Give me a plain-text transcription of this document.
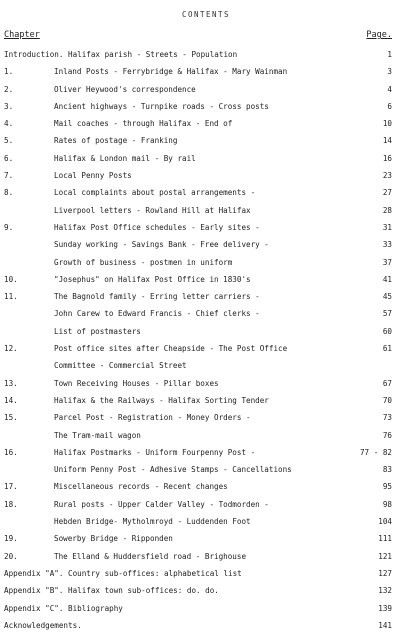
CONTENTS
Chapter	Page.
Introduction. Halifax parish - Streets - Population	1
1.	Inland Posts - Ferrybridge & Halifax - Mary Wainman	3
2.	Oliver Heywood's correspondence	4
3.	Ancient highways - Turnpike roads - Cross posts	6
4.	Mail coaches - through Halifax - End of	10
5.	Rates of postage - Franking	14
6.	Halifax & London mail - By rail	16
7.	Local Penny Posts	23
8.	Local complaints about postal arrangements -	27
Liverpool letters - Rowland Hill at Halifax	28
9.	Halifax Post Office schedules - Early sites -	31
Sunday working - Savings Bank - Free delivery -	33
Growth of business - postmen in uniform	37
10.	"Josephus" on Halifax Post Office in 1830's	41
11.	The Bagnold family - Erring letter carriers -	45
John Carew to Edward Francis - Chief clerks -	57
List of postmasters	60
12.	Post office sites after Cheapside - The Post Office	61
Committee - Commercial Street
13.	Town Receiving Houses - Pillar boxes	67
14.	Halifax & the Railways - Halifax Sorting Tender	70
15.	Parcel Post - Registration - Money Orders -	73
The Tram-mail wagon	76
16.	Halifax Postmarks - Uniform Fourpenny Post -	77 - 82
Uniform Penny Post - Adhesive Stamps - Cancellations	83
17.	Miscellaneous records - Recent changes	95
18.	Rural posts - Upper Calder Valley - Todmorden -	98
Hebden Bridge- Mytholmroyd - Luddenden Foot	104
19.	Sowerby Bridge - Ripponden	111
20.	The Elland & Huddersfield road - Brighouse	121
Appendix "A". Country sub-offices: alphabetical list	127
Appendix "B". Halifax town sub-offices: do. do.	132
Appendix "C". Bibliography	139
Acknowledgements.	141
